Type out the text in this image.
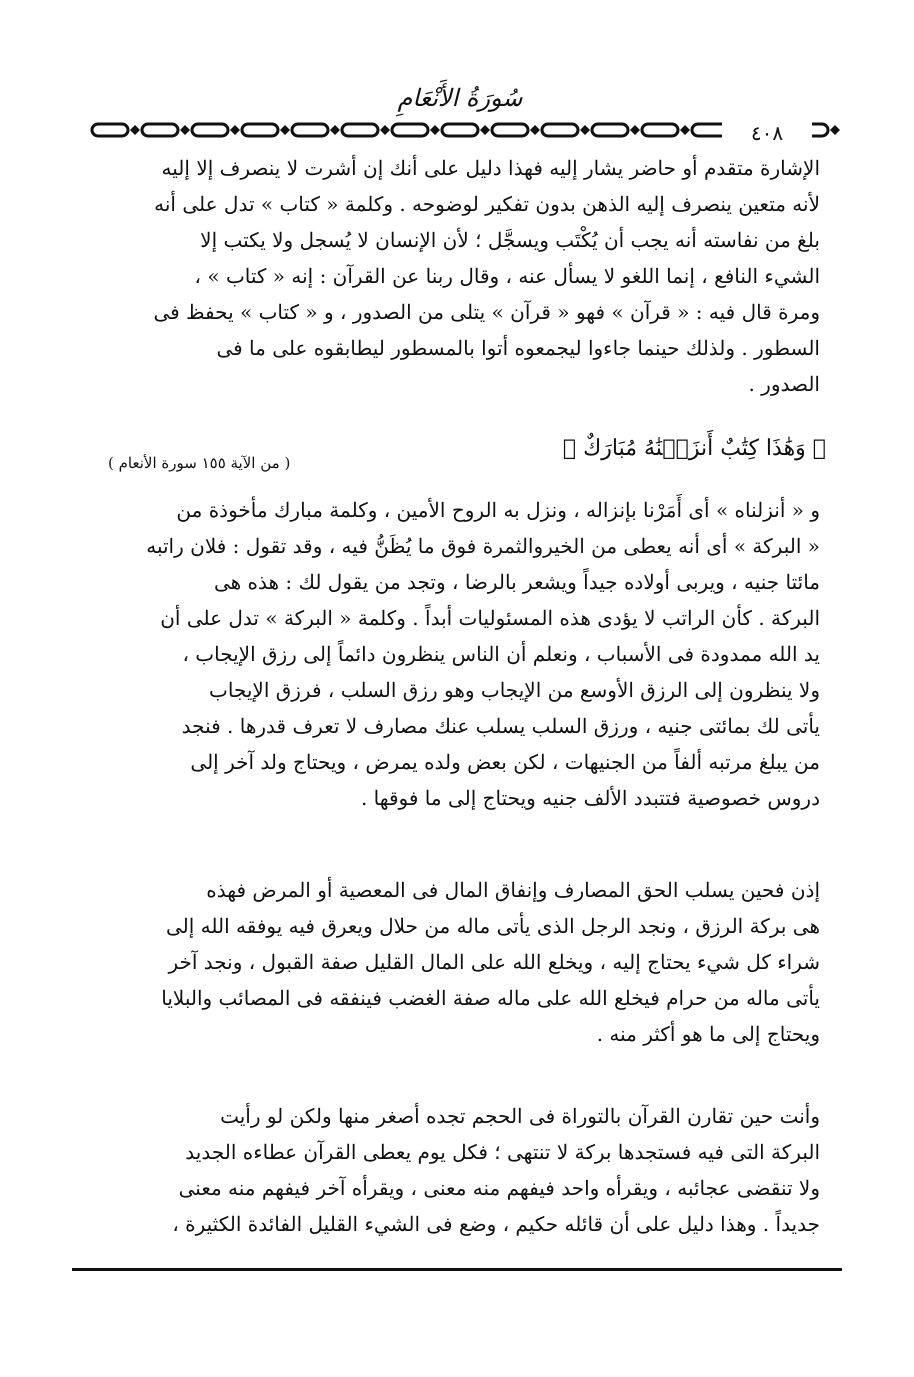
سُورَةُ الأَنْعَامِ
٤٠٨
الإشارة متقدم أو حاضر يشار إليه فهذا دليل على أنك إن أشرت لا ينصرف إلا إليه
لأنه متعين ينصرف إليه الذهن بدون تفكير لوضوحه . وكلمة « كتاب » تدل على أنه
بلغ من نفاسته أنه يجب أن يُكْتَب ويسجَّل ؛ لأن الإنسان لا يُسجل ولا يكتب إلا
الشيء النافع ، إنما اللغو لا يسأل عنه ، وقال ربنا عن القرآن : إنه « كتاب » ،
ومرة قال فيه : « قرآن » فهو « قرآن » يتلى من الصدور ، و « كتاب » يحفظ فى
السطور . ولذلك حينما جاءوا ليجمعوه أتوا بالمسطور ليطابقوه على ما فى
الصدور .
﴿ وَهَٰذَا كِتَٰبٌ أَنزَلۡنَٰهُ مُبَارَكٌ ﴾
( من الآية ١٥٥ سورة الأنعام )
و « أنزلناه » أى أَمَرْنا بإنزاله ، ونزل به الروح الأمين ، وكلمة مبارك مأخوذة من
« البركة » أى أنه يعطى من الخيروالثمرة فوق ما يُظَنُّ فيه ، وقد تقول : فلان راتبه
مائتا جنيه ، ويربى أولاده جيداً ويشعر بالرضا ، وتجد من يقول لك : هذه هى
البركة . كأن الراتب لا يؤدى هذه المسئوليات أبداً . وكلمة « البركة » تدل على أن
يد الله ممدودة فى الأسباب ، ونعلم أن الناس ينظرون دائماً إلى رزق الإيجاب ،
ولا ينظرون إلى الرزق الأوسع من الإيجاب وهو رزق السلب ، فرزق الإيجاب
يأتى لك بمائتى جنيه ، ورزق السلب يسلب عنك مصارف لا تعرف قدرها . فنجد
من يبلغ مرتبه ألفاً من الجنيهات ، لكن بعض ولده يمرض ، ويحتاج ولد آخر إلى
دروس خصوصية فتتبدد الألف جنيه ويحتاج إلى ما فوقها .
إذن فحين يسلب الحق المصارف وإنفاق المال فى المعصية أو المرض فهذه
هى بركة الرزق ، ونجد الرجل الذى يأتى ماله من حلال ويعرق فيه يوفقه الله إلى
شراء كل شيء يحتاج إليه ، ويخلع الله على المال القليل صفة القبول ، ونجد آخر
يأتى ماله من حرام فيخلع الله على ماله صفة الغضب فينفقه فى المصائب والبلايا
ويحتاج إلى ما هو أكثر منه .
وأنت حين تقارن القرآن بالتوراة فى الحجم تجده أصغر منها ولكن لو رأيت
البركة التى فيه فستجدها بركة لا تنتهى ؛ فكل يوم يعطى القرآن عطاءه الجديد
ولا تنقضى عجائبه ، ويقرأه واحد فيفهم منه معنى ، ويقرأه آخر فيفهم منه معنى
جديداً . وهذا دليل على أن قائله حكيم ، وضع فى الشيء القليل الفائدة الكثيرة ،
